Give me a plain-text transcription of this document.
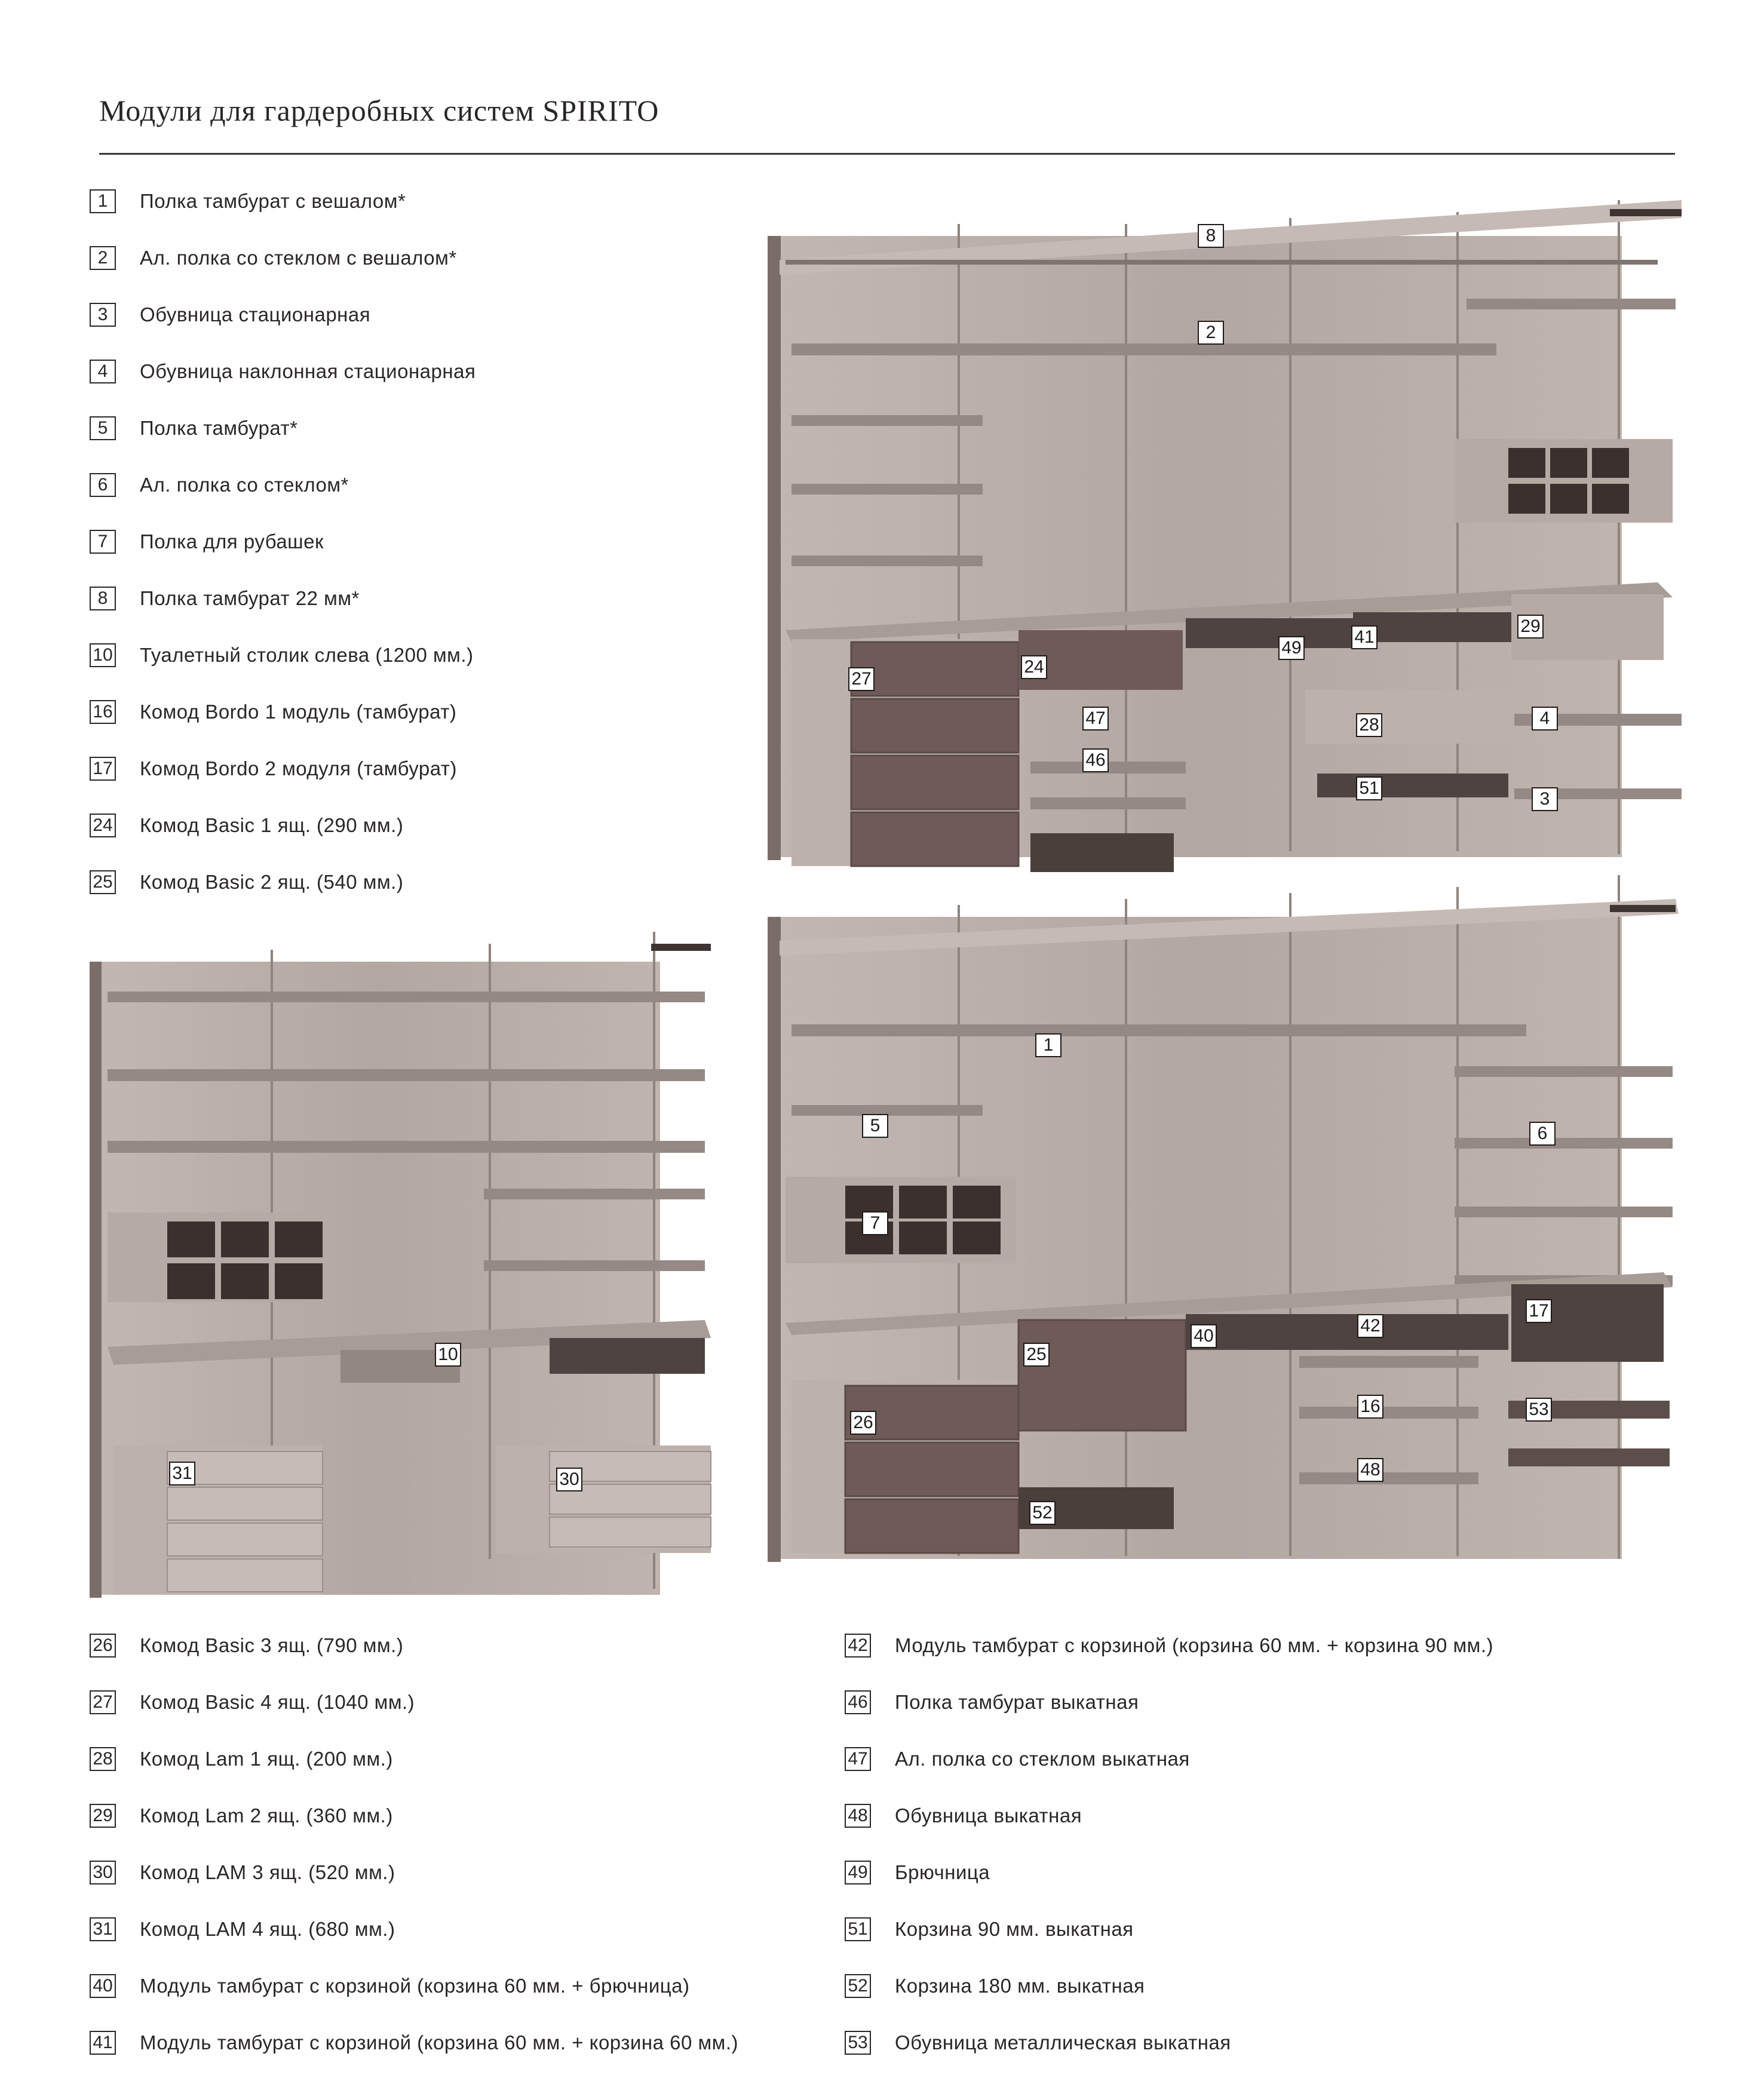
Модули для гардеробных систем SPIRITO
1	Полка тамбурат с вешалом*
2	Ал. полка со стеклом с вешалом*
3	Обувница стационарная
4	Обувница наклонная стационарная
5	Полка тамбурат*
6	Ал. полка со стеклом*
7	Полка для рубашек
8	Полка тамбурат 22 мм*
10 Туалетный столик слева (1200 мм.)
16 Комод Bordo 1 модуль (тамбурат)
17 Комод Bordo 2 модуля (тамбурат)
24 Комод Basic 1 ящ. (290 мм.)
25 Комод Basic 2 ящ. (540 мм.)
8
2
49
41
29
27
24
47
46
28	4
51
3
10
31	30
1
5	6
7
40
42
17
25
26
16	53
48
52
26 Комод Basic 3 ящ. (790 мм.)
27 Комод Basic 4 ящ. (1040 мм.)
28 Комод Lam 1 ящ. (200 мм.)
29 Комод Lam 2 ящ. (360 мм.)
30 Комод LAM 3 ящ. (520 мм.)
31 Комод LAM 4 ящ. (680 мм.)
40 Модуль тамбурат с корзиной (корзина 60 мм. + брючница)
41 Модуль тамбурат с корзиной (корзина 60 мм. + корзина 60 мм.)
42 Модуль тамбурат с корзиной (корзина 60 мм. + корзина 90 мм.)
46 Полка тамбурат выкатная
47 Ал. полка со стеклом выкатная
48 Обувница выкатная
49 Брючница
51 Корзина 90 мм. выкатная
52 Корзина 180 мм. выкатная
53 Обувница металлическая выкатная
